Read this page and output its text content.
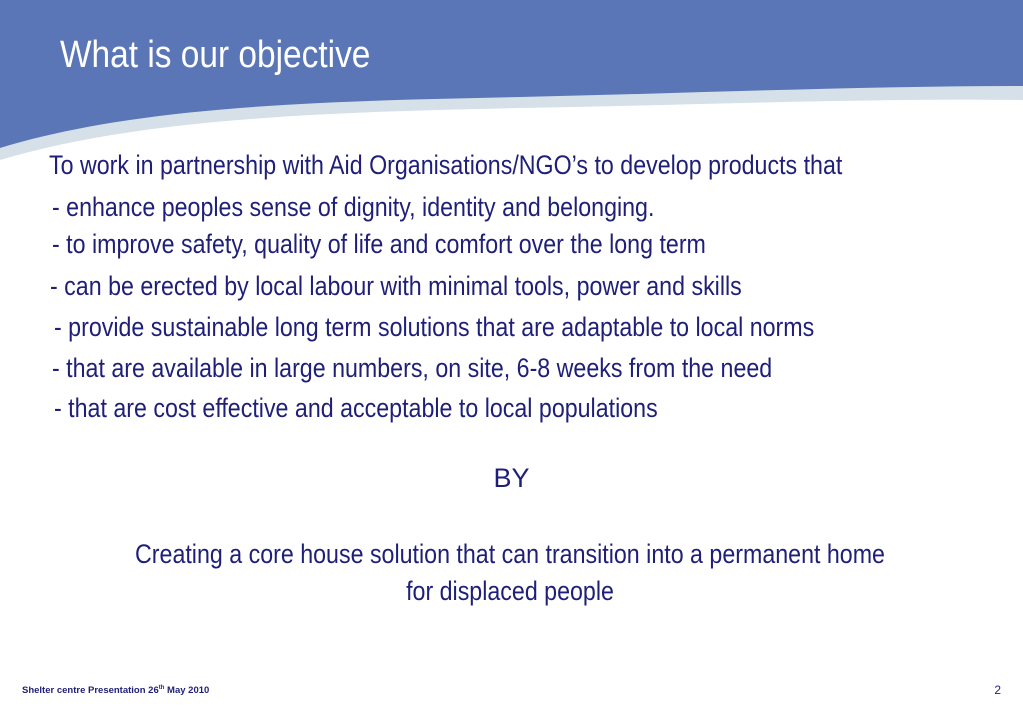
What is our objective
To work in partnership with Aid Organisations/NGO’s to develop products that
- enhance peoples sense of dignity, identity and belonging.
- to improve safety, quality of life and comfort over the long term
- can be erected by local labour with minimal tools, power and skills
- provide sustainable long term solutions that are adaptable to local norms
- that are available in large numbers, on site, 6-8 weeks from the need
- that are cost effective and acceptable to local populations
BY
Creating a core house solution that can transition into a permanent home for displaced people
Shelter centre Presentation 26th May 2010	2
